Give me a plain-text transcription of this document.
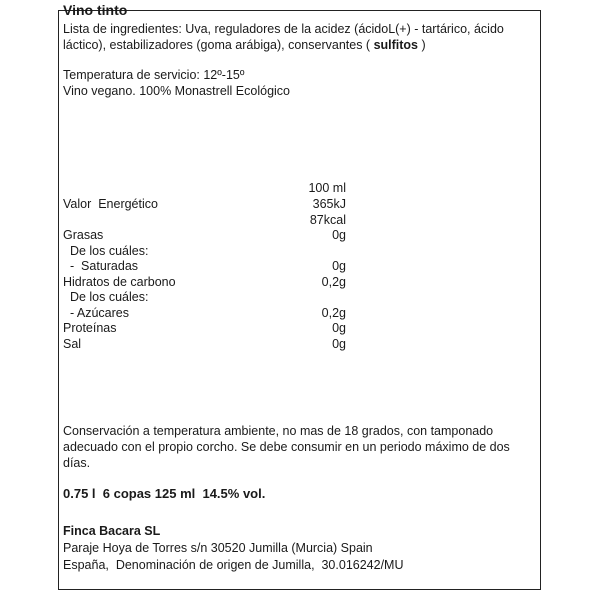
Vino tinto
Lista de ingredientes: Uva, reguladores de la acidez (ácidoL(+) - tartárico, ácido
láctico), estabilizadores (goma arábiga), conservantes ( sulfitos )
Temperatura de servicio: 12º-15º
Vino vegano. 100% Monastrell Ecológico
100 ml
Valor  Energético	365kJ
87kcal
Grasas	0g
De los cuáles:
-  Saturadas	0g
Hidratos de carbono	0,2g
De los cuáles:
- Azúcares	0,2g
Proteínas	0g
Sal	0g
Conservación a temperatura ambiente, no mas de 18 grados, con tamponado
adecuado con el propio corcho. Se debe consumir en un periodo máximo de dos
días.
0.75 l  6 copas 125 ml  14.5% vol.
Finca Bacara SL
Paraje Hoya de Torres s/n 30520 Jumilla (Murcia) Spain
España,  Denominación de origen de Jumilla,  30.016242/MU
